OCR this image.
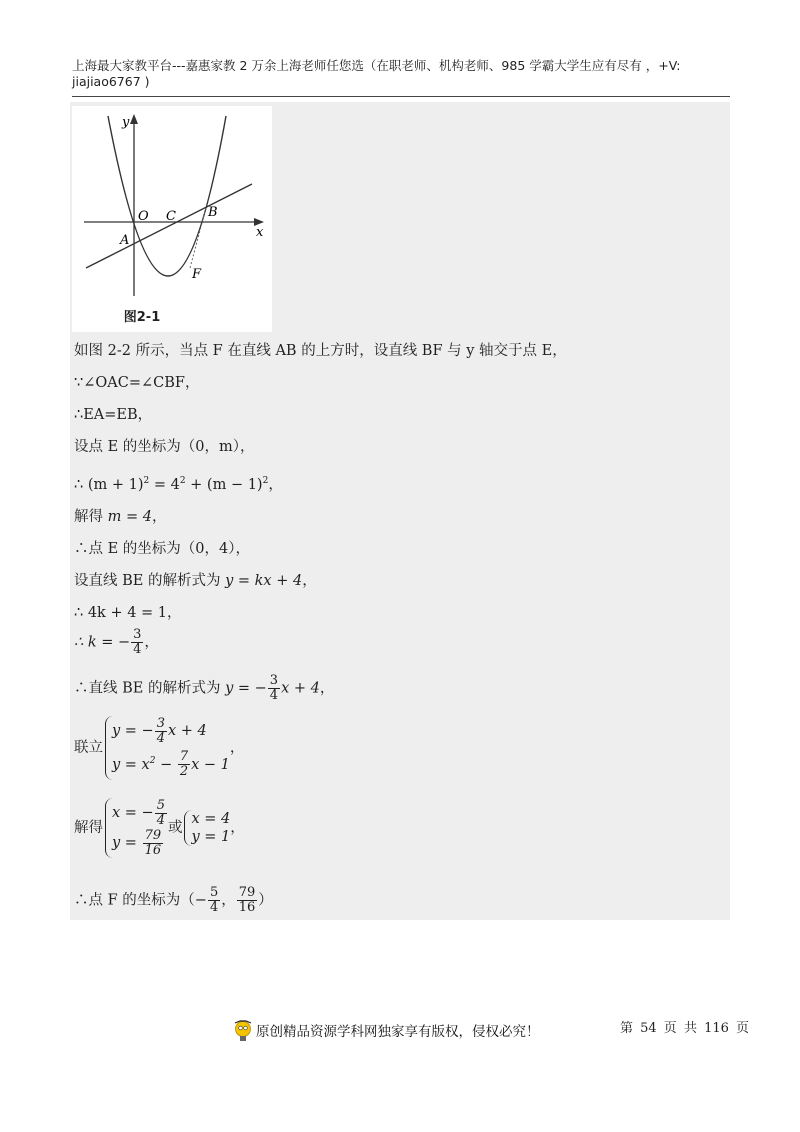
上海最大家教平台---嘉惠家教 2 万余上海老师任您选（在职老师、机构老师、985 学霸大学生应有尽有 ，+V:
jiajiao6767 )
y
x
O C B
A
F
图2-1
如图 2-2 所示，当点 F 在直线 AB 的上方时，设直线 BF 与 y 轴交于点 E，
∵∠OAC=∠CBF，
∴EA=EB，
设点 E 的坐标为（0，m），
∴ $(m + 1)^2 = 4^2 + (m - 1)^2$，
解得 m = 4，
∴点 E 的坐标为（0，4），
设直线 BE 的解析式为 y = kx + 4，
∴ 4k + 4 = 1，
∴ k = − $\frac{3}{4}$ ，
∴直线 BE 的解析式为 y = − $\frac{3}{4}$ x + 4，
联立
y = − $\frac{3}{4}$ x + 4
$y = x^2 - \frac{7}{2}$ x − 1
，
解得
x = − $\frac{5}{4}$
$y = \frac{79}{16}$
或
x = 4
y = 1
，
∴点 F 的坐标为（− $\frac{5}{4}$ ， $\frac{79}{16}$ ）
原创精品资源学科网独家享有版权，侵权必究！	第 54 页 共 116 页
